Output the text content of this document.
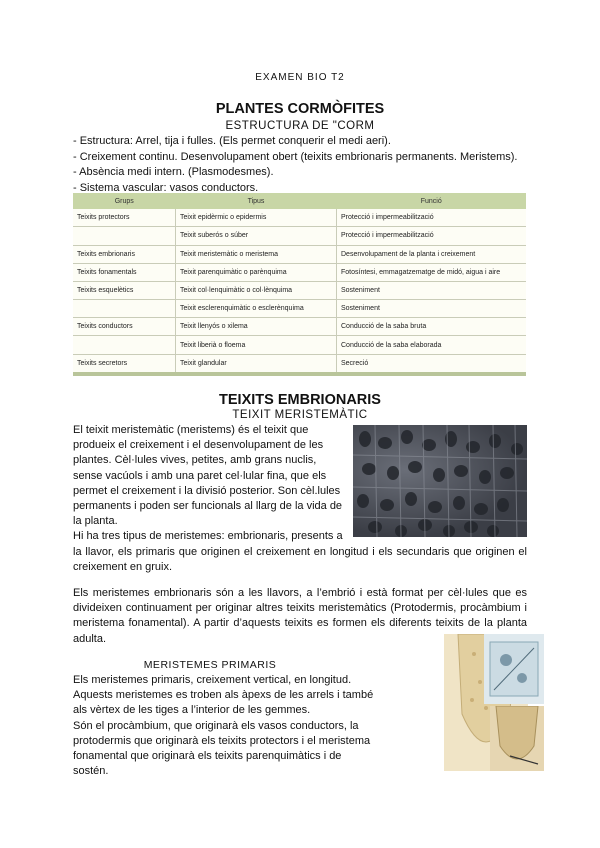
EXAMEN BIO T2
PLANTES CORMÒFITES
ESTRUCTURA DE "CORM
- Estructura: Arrel, tija i fulles. (Els permet conquerir el medi aeri).
- Creixement continu. Desenvolupament obert (teixits embrionaris permanents. Meristems).
- Absència medi intern. (Plasmodesmes).
- Sistema vascular: vasos conductors.
Grups	Tipus	Funció
Teixits protectors	Teixit epidèrmic o epidermis	Protecció i impermeabilització
	Teixit suberós o súber	Protecció i impermeabilització
Teixits embrionaris	Teixit meristemàtic o meristema	Desenvolupament de la planta i creixement
Teixits fonamentals	Teixit parenquimàtic o parènquima	Fotosíntesi, emmagatzematge de midó, aigua i aire
Teixits esquelètics	Teixit col·lenquimàtic o col·lènquima	Sosteniment
	Teixit esclerenquimàtic o esclerènquima	Sosteniment
Teixits conductors	Teixit llenyós o xilema	Conducció de la saba bruta
	Teixit liberià o floema	Conducció de la saba elaborada
Teixits secretors	Teixit glandular	Secreció
TEIXITS EMBRIONARIS
TEIXIT MERISTEMÀTIC
El teixit meristemàtic (meristems) és el teixit que
produeix el creixement i el desenvolupament de les
plantes. Cèl·lules vives, petites, amb grans nuclis,
sense vacúols i amb una paret cel·lular fina, que els
permet el creixement i la divisió posterior. Son cèl.lules
permanents i poden ser funcionals al llarg de la vida de
la planta.
Hi ha tres tipus de meristemes: embrionaris, presents a
la llavor, els primaris que originen el creixement en longitud i els secundaris que originen el creixement en gruix.
Els meristemes embrionaris són a les llavors, a l’embrió i està format per cèl·lules que es divideixen continuament per originar altres teixits meristemàtics (Protodermis, procàmbium i meristema fonamental). A partir d’aquests teixits es formen els diferents teixits de la planta adulta.
MERISTEMES PRIMARIS
Els meristemes primaris, creixement vertical, en longitud.
Aquests meristemes es troben als àpexs de les arrels i també
als vèrtex de les tiges a l’interior de les gemmes.
Són el procàmbium, que originarà els vasos conductors, la
protodermis que originarà els teixits protectors i el meristema
fonamental que originarà els teixits parenquimàtics i de
sostén.
